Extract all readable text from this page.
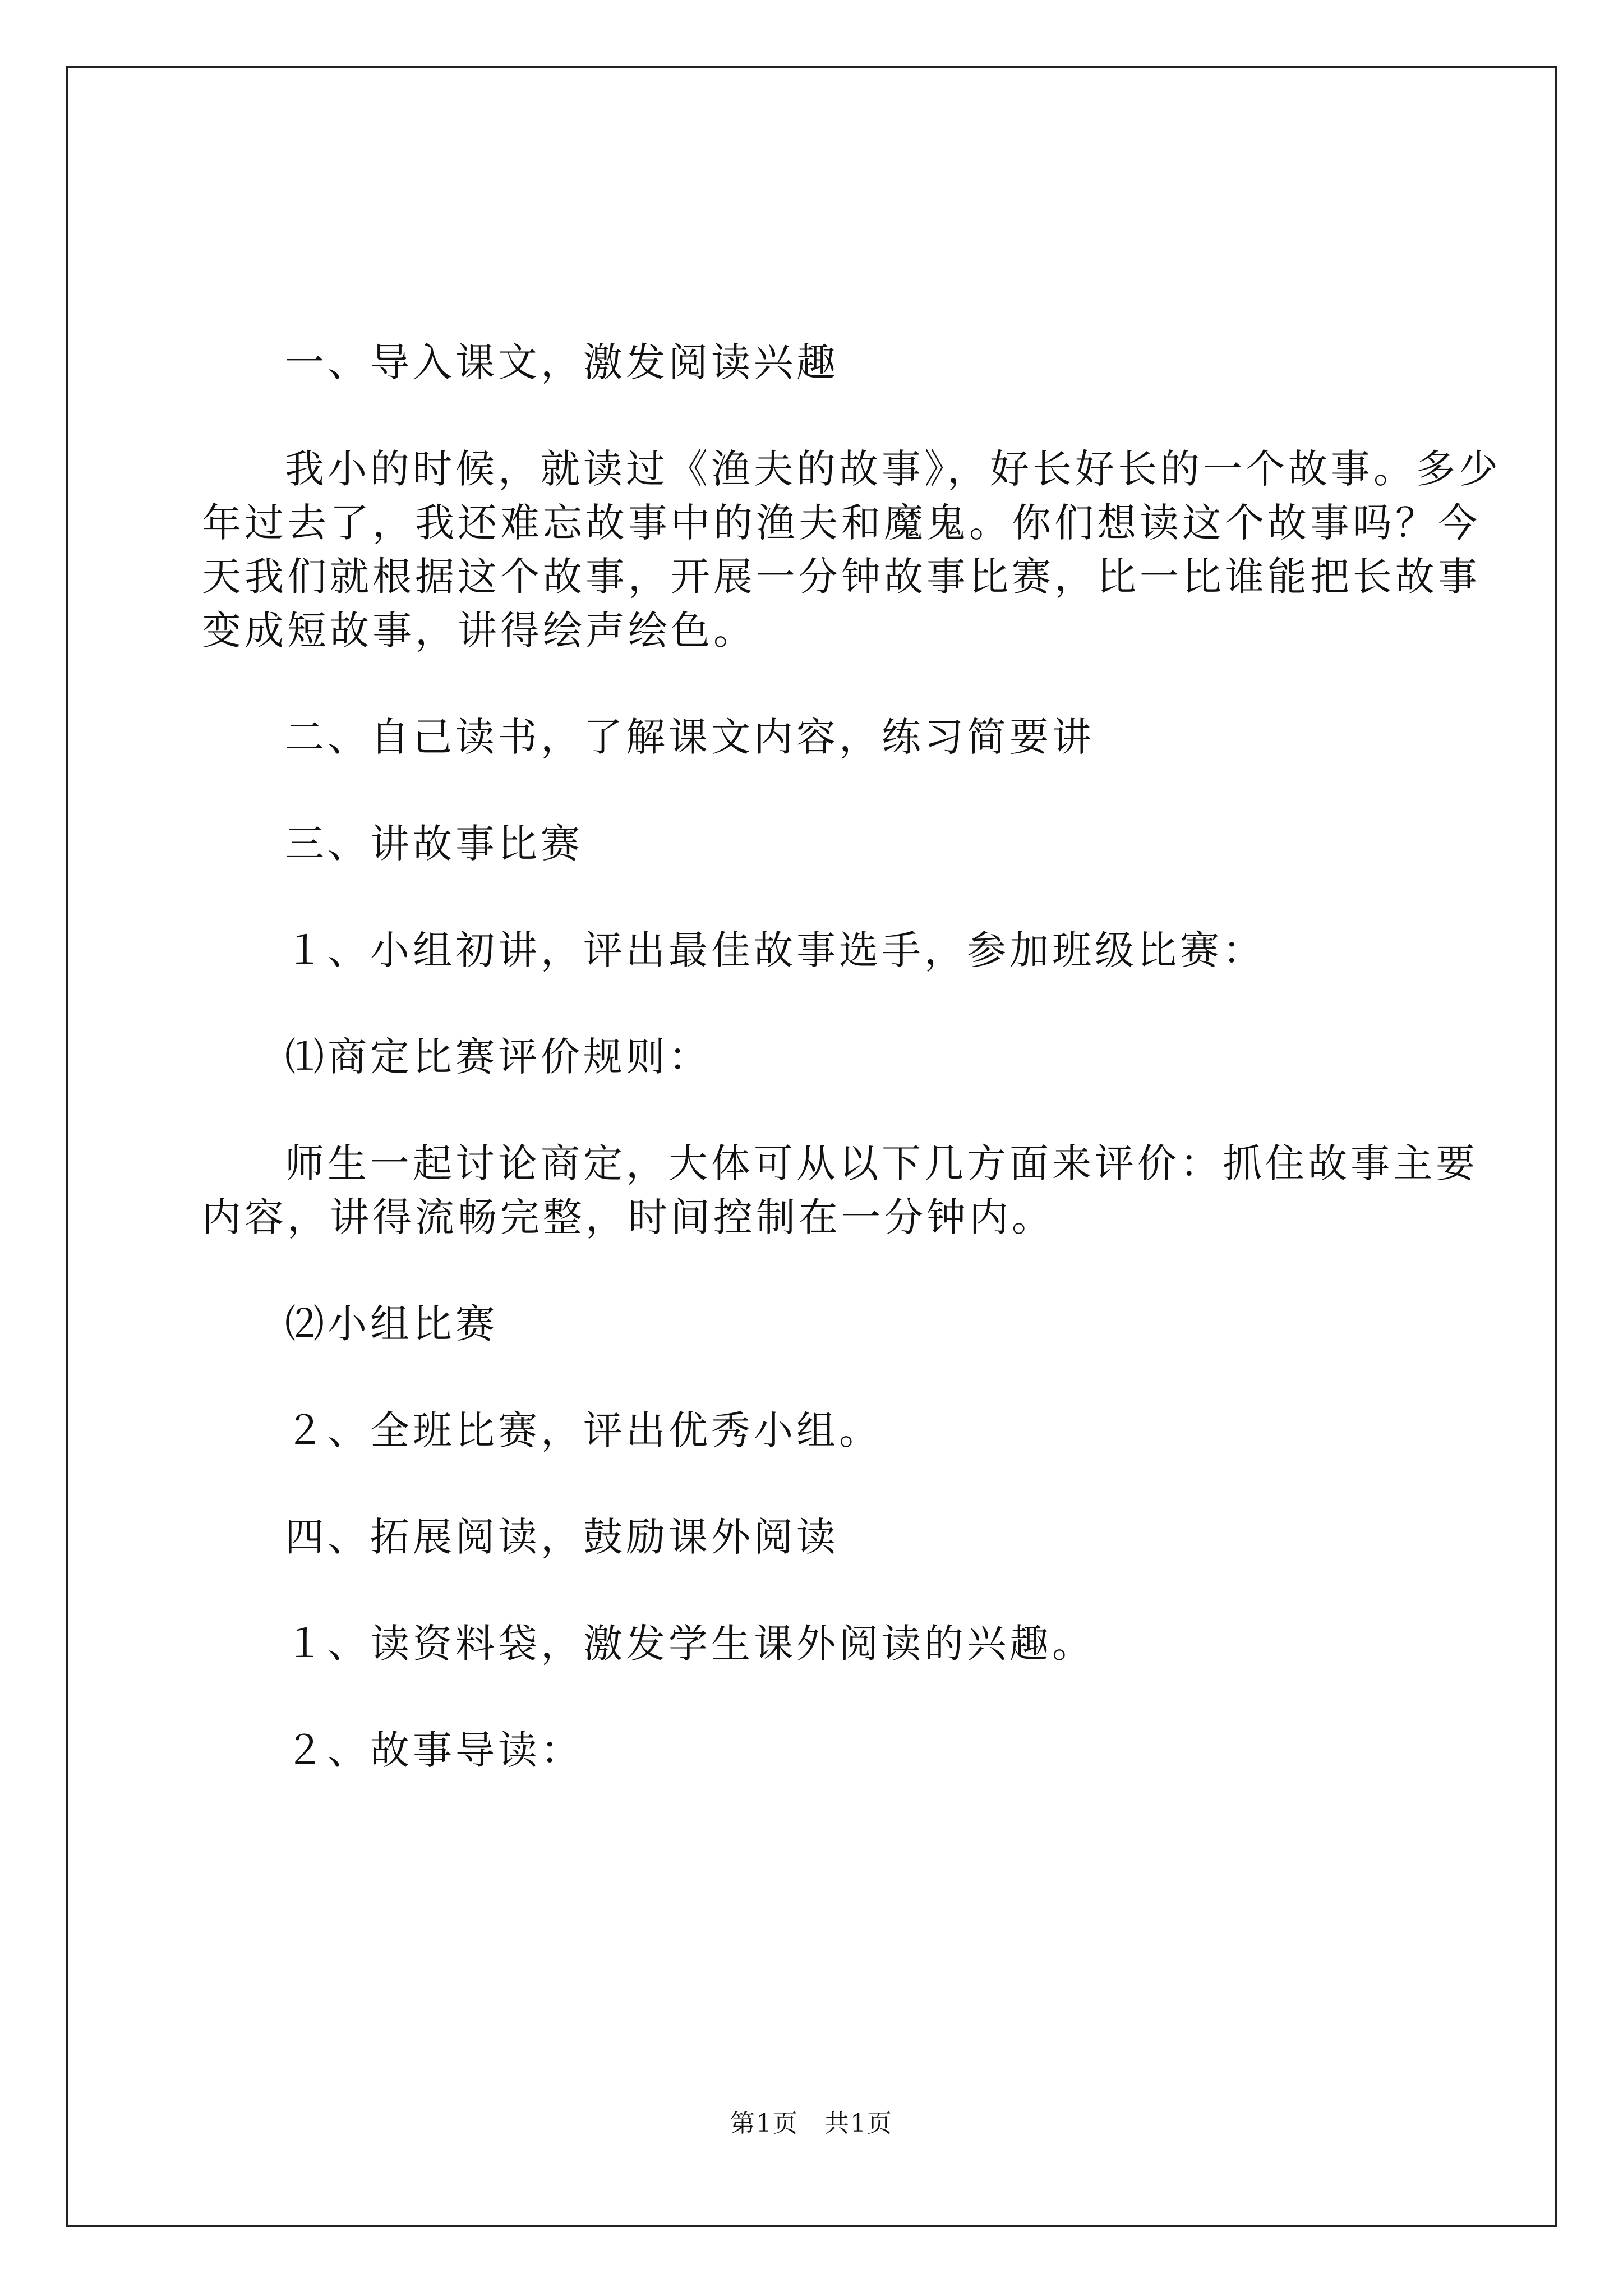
一、导入课文，激发阅读兴趣
我小的时候，就读过《渔夫的故事》，好长好长的一个故事。多少
年过去了，我还难忘故事中的渔夫和魔鬼。你们想读这个故事吗？今
天我们就根据这个故事，开展一分钟故事比赛，比一比谁能把长故事
变成短故事，讲得绘声绘色。
二、自己读书，了解课文内容，练习简要讲
三、讲故事比赛
１、小组初讲，评出最佳故事选手，参加班级比赛：
⑴商定比赛评价规则：
师生一起讨论商定，大体可从以下几方面来评价：抓住故事主要
内容，讲得流畅完整，时间控制在一分钟内。
⑵小组比赛
２、全班比赛，评出优秀小组。
四、拓展阅读，鼓励课外阅读
１、读资料袋，激发学生课外阅读的兴趣。
２、故事导读：
第1页　共1页
